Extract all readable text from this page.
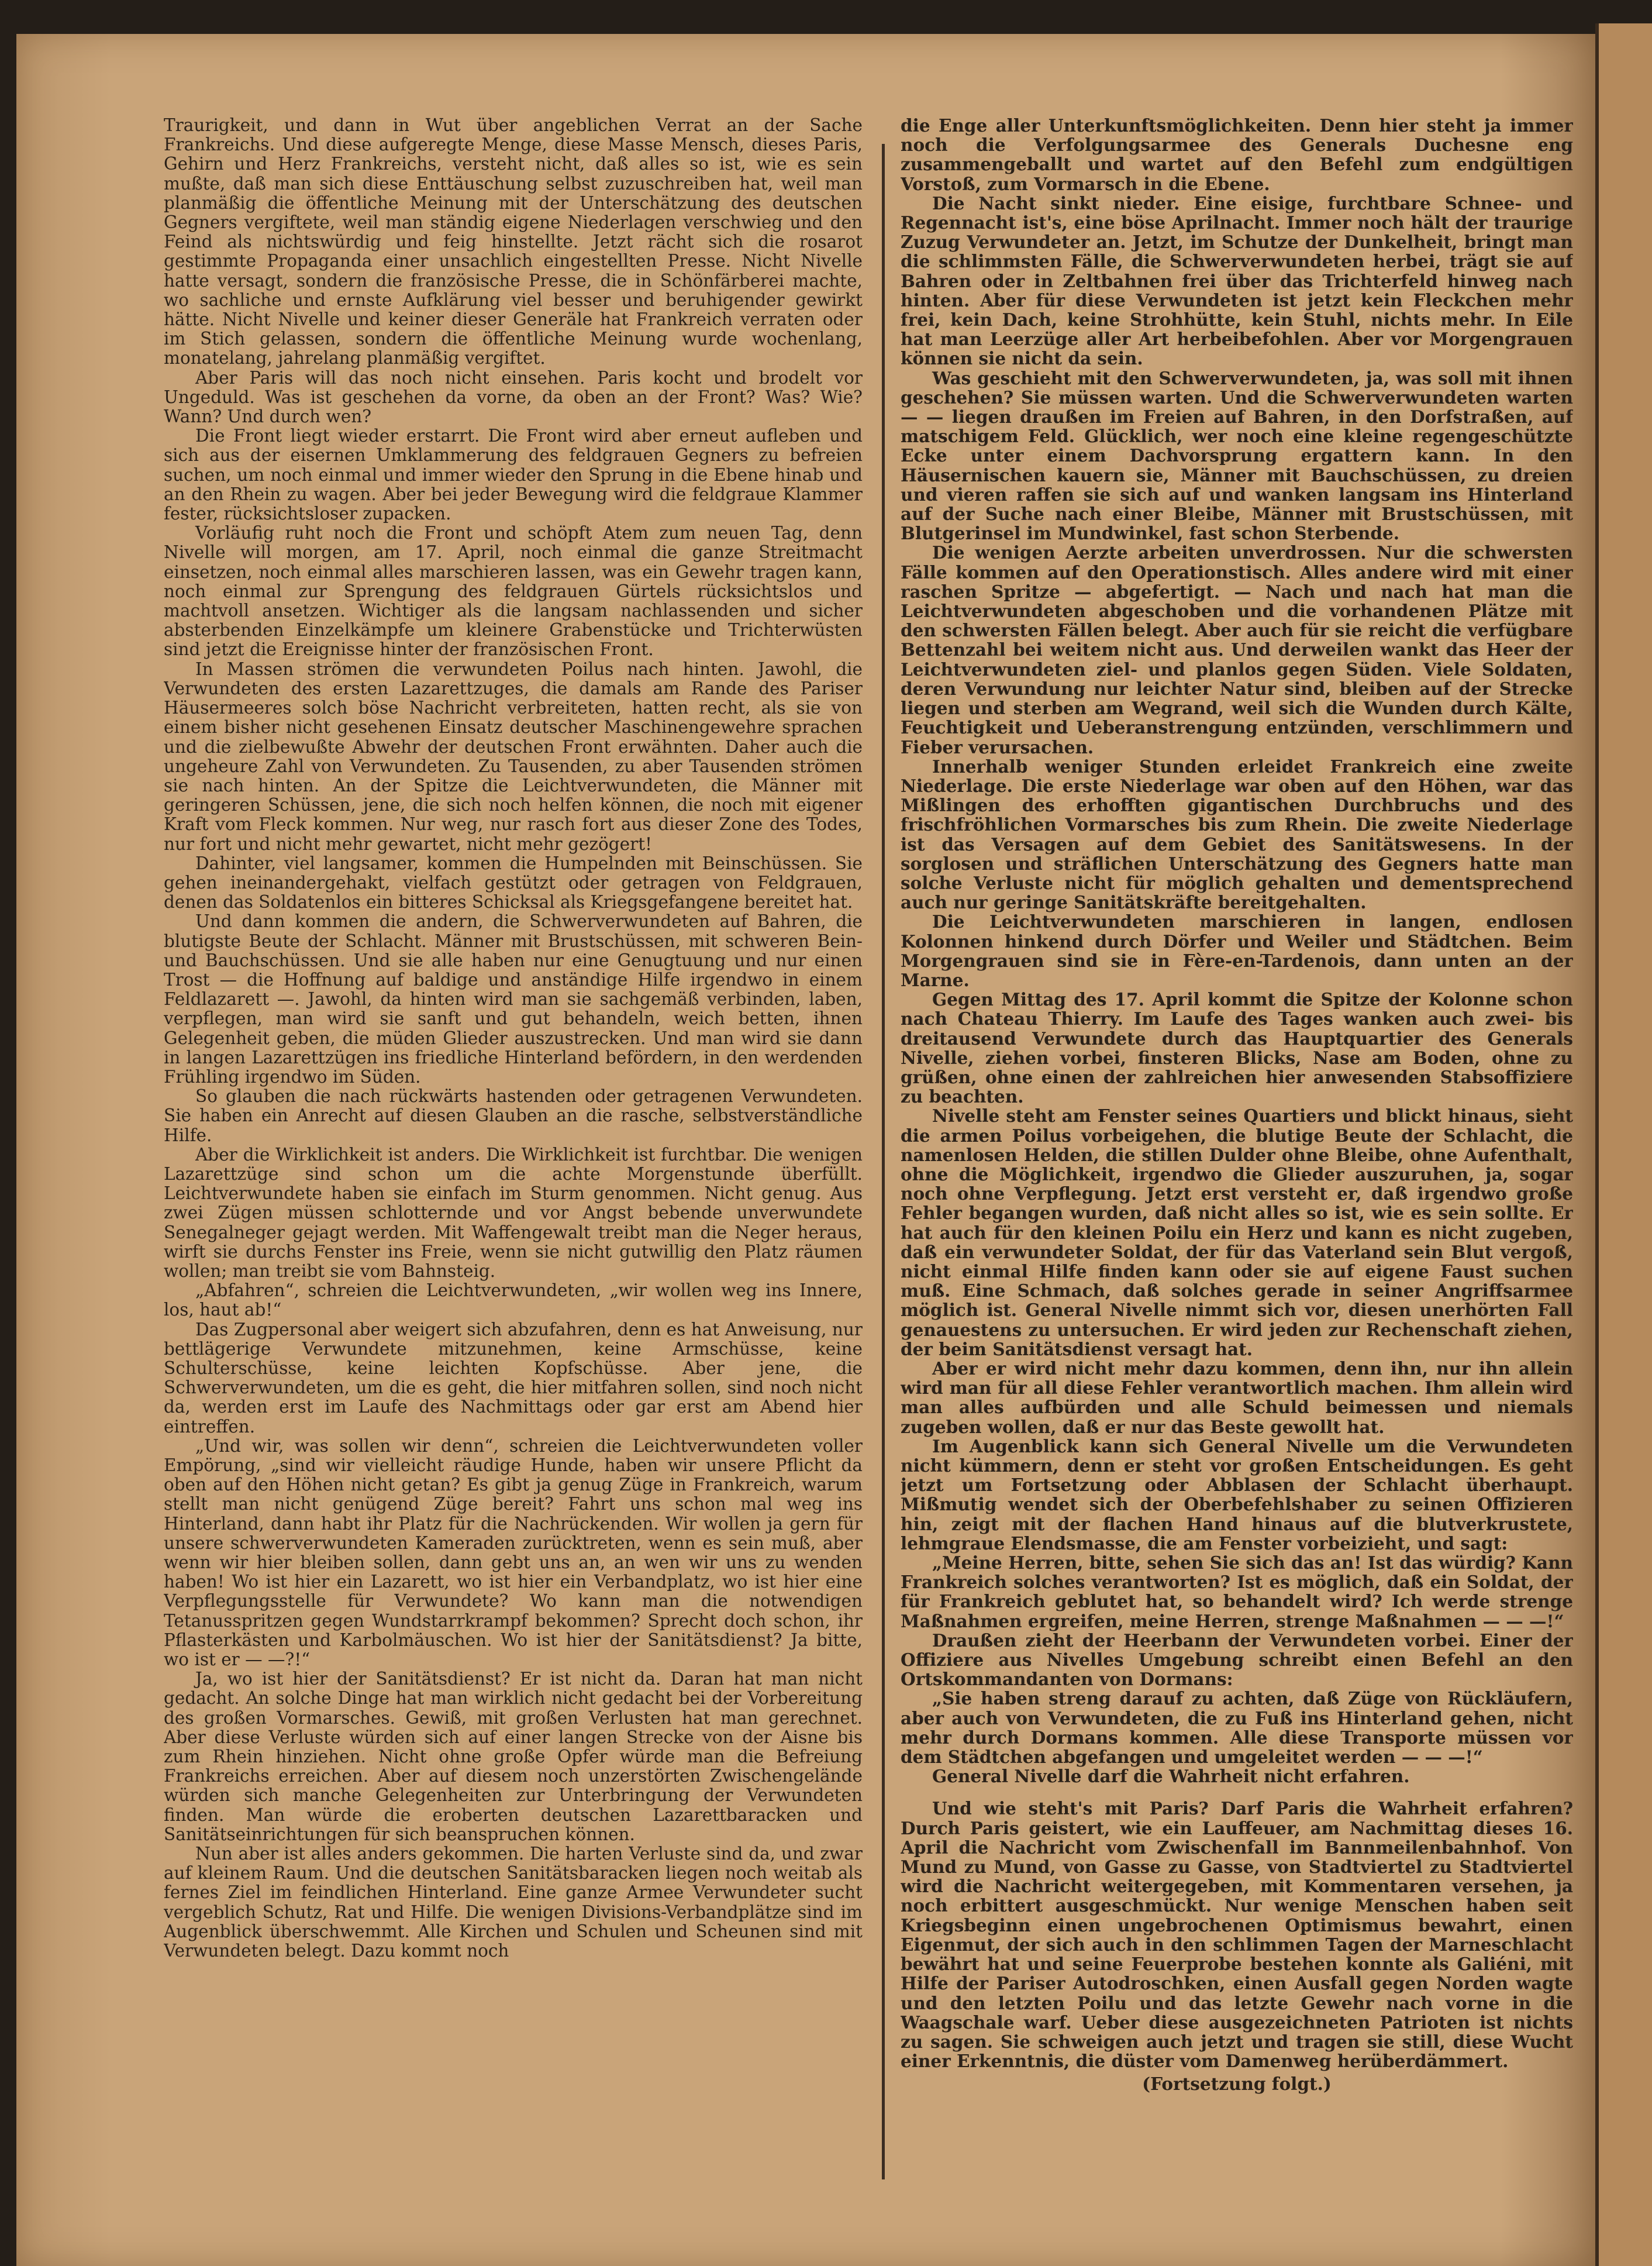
Traurigkeit, und dann in Wut über angeblichen Verrat an der Sache Frankreichs. Und diese aufgeregte Menge, diese Masse Mensch, dieses Paris, Gehirn und Herz Frankreichs, versteht nicht, daß alles so ist, wie es sein mußte, daß man sich diese Enttäuschung selbst zuzuschreiben hat, weil man planmäßig die öffentliche Meinung mit der Unterschätzung des deutschen Gegners vergiftete, weil man ständig eigene Niederlagen verschwieg und den Feind als nichtswürdig und feig hinstellte. Jetzt rächt sich die rosarot gestimmte Propaganda einer unsachlich eingestellten Presse. Nicht Nivelle hatte versagt, sondern die französische Presse, die in Schönfärberei machte, wo sachliche und ernste Aufklärung viel besser und beruhigender gewirkt hätte. Nicht Nivelle und keiner dieser Generäle hat Frankreich verraten oder im Stich gelassen, sondern die öffentliche Meinung wurde wochenlang, monatelang, jahrelang planmäßig vergiftet.

Aber Paris will das noch nicht einsehen. Paris kocht und brodelt vor Ungeduld. Was ist geschehen da vorne, da oben an der Front? Was? Wie? Wann? Und durch wen?

Die Front liegt wieder erstarrt. Die Front wird aber erneut aufleben und sich aus der eisernen Umklammerung des feldgrauen Gegners zu befreien suchen, um noch einmal und immer wieder den Sprung in die Ebene hinab und an den Rhein zu wagen. Aber bei jeder Bewegung wird die feldgraue Klammer fester, rücksichtsloser zupacken.

Vorläufig ruht noch die Front und schöpft Atem zum neuen Tag, denn Nivelle will morgen, am 17. April, noch einmal die ganze Streitmacht einsetzen, noch einmal alles marschieren lassen, was ein Gewehr tragen kann, noch einmal zur Sprengung des feldgrauen Gürtels rücksichtslos und machtvoll ansetzen. Wichtiger als die langsam nachlassenden und sicher absterbenden Einzelkämpfe um kleinere Grabenstücke und Trichterwüsten sind jetzt die Ereignisse hinter der französischen Front.

In Massen strömen die verwundeten Poilus nach hinten. Jawohl, die Verwundeten des ersten Lazarettzuges, die damals am Rande des Pariser Häusermeeres solch böse Nachricht verbreiteten, hatten recht, als sie von einem bisher nicht gesehenen Einsatz deutscher Maschinengewehre sprachen und die zielbewußte Abwehr der deutschen Front erwähnten. Daher auch die ungeheure Zahl von Verwundeten. Zu Tausenden, zu aber Tausenden strömen sie nach hinten. An der Spitze die Leichtverwundeten, die Männer mit geringeren Schüssen, jene, die sich noch helfen können, die noch mit eigener Kraft vom Fleck kommen. Nur weg, nur rasch fort aus dieser Zone des Todes, nur fort und nicht mehr gewartet, nicht mehr gezögert!

Dahinter, viel langsamer, kommen die Humpelnden mit Beinschüssen. Sie gehen ineinandergehakt, vielfach gestützt oder getragen von Feldgrauen, denen das Soldatenlos ein bitteres Schicksal als Kriegsgefangene bereitet hat.

Und dann kommen die andern, die Schwerverwundeten auf Bahren, die blutigste Beute der Schlacht. Männer mit Brustschüssen, mit schweren Bein- und Bauchschüssen. Und sie alle haben nur eine Genugtuung und nur einen Trost — die Hoffnung auf baldige und anständige Hilfe irgendwo in einem Feldlazarett —. Jawohl, da hinten wird man sie sachgemäß verbinden, laben, verpflegen, man wird sie sanft und gut behandeln, weich betten, ihnen Gelegenheit geben, die müden Glieder auszustrecken. Und man wird sie dann in langen Lazarettzügen ins friedliche Hinterland befördern, in den werdenden Frühling irgendwo im Süden.

So glauben die nach rückwärts hastenden oder getragenen Verwundeten. Sie haben ein Anrecht auf diesen Glauben an die rasche, selbstverständliche Hilfe.

Aber die Wirklichkeit ist anders. Die Wirklichkeit ist furchtbar. Die wenigen Lazarettzüge sind schon um die achte Morgenstunde überfüllt. Leichtverwundete haben sie einfach im Sturm genommen. Nicht genug. Aus zwei Zügen müssen schlotternde und vor Angst bebende unverwundete Senegalneger gejagt werden. Mit Waffengewalt treibt man die Neger heraus, wirft sie durchs Fenster ins Freie, wenn sie nicht gutwillig den Platz räumen wollen; man treibt sie vom Bahnsteig.

„Abfahren“, schreien die Leichtverwundeten, „wir wollen weg ins Innere, los, haut ab!“

Das Zugpersonal aber weigert sich abzufahren, denn es hat Anweisung, nur bettlägerige Verwundete mitzunehmen, keine Armschüsse, keine Schulterschüsse, keine leichten Kopfschüsse. Aber jene, die Schwerverwundeten, um die es geht, die hier mitfahren sollen, sind noch nicht da, werden erst im Laufe des Nachmittags oder gar erst am Abend hier eintreffen.

„Und wir, was sollen wir denn“, schreien die Leichtverwundeten voller Empörung, „sind wir vielleicht räudige Hunde, haben wir unsere Pflicht da oben auf den Höhen nicht getan? Es gibt ja genug Züge in Frankreich, warum stellt man nicht genügend Züge bereit? Fahrt uns schon mal weg ins Hinterland, dann habt ihr Platz für die Nachrückenden. Wir wollen ja gern für unsere schwerverwundeten Kameraden zurücktreten, wenn es sein muß, aber wenn wir hier bleiben sollen, dann gebt uns an, an wen wir uns zu wenden haben! Wo ist hier ein Lazarett, wo ist hier ein Verbandplatz, wo ist hier eine Verpflegungsstelle für Verwundete? Wo kann man die notwendigen Tetanusspritzen gegen Wundstarrkrampf bekommen? Sprecht doch schon, ihr Pflasterkästen und Karbolmäuschen. Wo ist hier der Sanitätsdienst? Ja bitte, wo ist er — —?!“

Ja, wo ist hier der Sanitätsdienst? Er ist nicht da. Daran hat man nicht gedacht. An solche Dinge hat man wirklich nicht gedacht bei der Vorbereitung des großen Vormarsches. Gewiß, mit großen Verlusten hat man gerechnet. Aber diese Verluste würden sich auf einer langen Strecke von der Aisne bis zum Rhein hinziehen. Nicht ohne große Opfer würde man die Befreiung Frankreichs erreichen. Aber auf diesem noch unzerstörten Zwischengelände würden sich manche Gelegenheiten zur Unterbringung der Verwundeten finden. Man würde die eroberten deutschen Lazarettbaracken und Sanitätseinrichtungen für sich beanspruchen können.

Nun aber ist alles anders gekommen. Die harten Verluste sind da, und zwar auf kleinem Raum. Und die deutschen Sanitätsbaracken liegen noch weitab als fernes Ziel im feindlichen Hinterland. Eine ganze Armee Verwundeter sucht vergeblich Schutz, Rat und Hilfe. Die wenigen Divisions-Verbandplätze sind im Augenblick überschwemmt. Alle Kirchen und Schulen und Scheunen sind mit Verwundeten belegt. Dazu kommt noch

die Enge aller Unterkunftsmöglichkeiten. Denn hier steht ja immer noch die Verfolgungsarmee des Generals Duchesne eng zusammengeballt und wartet auf den Befehl zum endgültigen Vorstoß, zum Vormarsch in die Ebene.

Die Nacht sinkt nieder. Eine eisige, furchtbare Schnee- und Regennacht ist's, eine böse Aprilnacht. Immer noch hält der traurige Zuzug Verwundeter an. Jetzt, im Schutze der Dunkelheit, bringt man die schlimmsten Fälle, die Schwerverwundeten herbei, trägt sie auf Bahren oder in Zeltbahnen frei über das Trichterfeld hinweg nach hinten. Aber für diese Verwundeten ist jetzt kein Fleckchen mehr frei, kein Dach, keine Strohhütte, kein Stuhl, nichts mehr. In Eile hat man Leerzüge aller Art herbeibefohlen. Aber vor Morgengrauen können sie nicht da sein.

Was geschieht mit den Schwerverwundeten, ja, was soll mit ihnen geschehen? Sie müssen warten. Und die Schwerverwundeten warten — — liegen draußen im Freien auf Bahren, in den Dorfstraßen, auf matschigem Feld. Glücklich, wer noch eine kleine regengeschützte Ecke unter einem Dachvorsprung ergattern kann. In den Häusernischen kauern sie, Männer mit Bauchschüssen, zu dreien und vieren raffen sie sich auf und wanken langsam ins Hinterland auf der Suche nach einer Bleibe, Männer mit Brustschüssen, mit Blutgerinsel im Mundwinkel, fast schon Sterbende.

Die wenigen Aerzte arbeiten unverdrossen. Nur die schwersten Fälle kommen auf den Operationstisch. Alles andere wird mit einer raschen Spritze — abgefertigt. — Nach und nach hat man die Leichtverwundeten abgeschoben und die vorhandenen Plätze mit den schwersten Fällen belegt. Aber auch für sie reicht die verfügbare Bettenzahl bei weitem nicht aus. Und derweilen wankt das Heer der Leichtverwundeten ziel- und planlos gegen Süden. Viele Soldaten, deren Verwundung nur leichter Natur sind, bleiben auf der Strecke liegen und sterben am Wegrand, weil sich die Wunden durch Kälte, Feuchtigkeit und Ueberanstrengung entzünden, verschlimmern und Fieber verursachen.

Innerhalb weniger Stunden erleidet Frankreich eine zweite Niederlage. Die erste Niederlage war oben auf den Höhen, war das Mißlingen des erhofften gigantischen Durchbruchs und des frischfröhlichen Vormarsches bis zum Rhein. Die zweite Niederlage ist das Versagen auf dem Gebiet des Sanitätswesens. In der sorglosen und sträflichen Unterschätzung des Gegners hatte man solche Verluste nicht für möglich gehalten und dementsprechend auch nur geringe Sanitätskräfte bereitgehalten.

Die Leichtverwundeten marschieren in langen, endlosen Kolonnen hinkend durch Dörfer und Weiler und Städtchen. Beim Morgengrauen sind sie in Fère-en-Tardenois, dann unten an der Marne.

Gegen Mittag des 17. April kommt die Spitze der Kolonne schon nach Chateau Thierry. Im Laufe des Tages wanken auch zwei- bis dreitausend Verwundete durch das Hauptquartier des Generals Nivelle, ziehen vorbei, finsteren Blicks, Nase am Boden, ohne zu grüßen, ohne einen der zahlreichen hier anwesenden Stabsoffiziere zu beachten.

Nivelle steht am Fenster seines Quartiers und blickt hinaus, sieht die armen Poilus vorbeigehen, die blutige Beute der Schlacht, die namenlosen Helden, die stillen Dulder ohne Bleibe, ohne Aufenthalt, ohne die Möglichkeit, irgendwo die Glieder auszuruhen, ja, sogar noch ohne Verpflegung. Jetzt erst versteht er, daß irgendwo große Fehler begangen wurden, daß nicht alles so ist, wie es sein sollte. Er hat auch für den kleinen Poilu ein Herz und kann es nicht zugeben, daß ein verwundeter Soldat, der für das Vaterland sein Blut vergoß, nicht einmal Hilfe finden kann oder sie auf eigene Faust suchen muß. Eine Schmach, daß solches gerade in seiner Angriffsarmee möglich ist. General Nivelle nimmt sich vor, diesen unerhörten Fall genauestens zu untersuchen. Er wird jeden zur Rechenschaft ziehen, der beim Sanitätsdienst versagt hat.

Aber er wird nicht mehr dazu kommen, denn ihn, nur ihn allein wird man für all diese Fehler verantwortlich machen. Ihm allein wird man alles aufbürden und alle Schuld beimessen und niemals zugeben wollen, daß er nur das Beste gewollt hat.

Im Augenblick kann sich General Nivelle um die Verwundeten nicht kümmern, denn er steht vor großen Entscheidungen. Es geht jetzt um Fortsetzung oder Abblasen der Schlacht überhaupt. Mißmutig wendet sich der Oberbefehlshaber zu seinen Offizieren hin, zeigt mit der flachen Hand hinaus auf die blutverkrustete, lehmgraue Elendsmasse, die am Fenster vorbeizieht, und sagt:

„Meine Herren, bitte, sehen Sie sich das an! Ist das würdig? Kann Frankreich solches verantworten? Ist es möglich, daß ein Soldat, der für Frankreich geblutet hat, so behandelt wird? Ich werde strenge Maßnahmen ergreifen, meine Herren, strenge Maßnahmen — — —!“

Draußen zieht der Heerbann der Verwundeten vorbei. Einer der Offiziere aus Nivelles Umgebung schreibt einen Befehl an den Ortskommandanten von Dormans:

„Sie haben streng darauf zu achten, daß Züge von Rückläufern, aber auch von Verwundeten, die zu Fuß ins Hinterland gehen, nicht mehr durch Dormans kommen. Alle diese Transporte müssen vor dem Städtchen abgefangen und umgeleitet werden — — —!“

General Nivelle darf die Wahrheit nicht erfahren.

Und wie steht's mit Paris? Darf Paris die Wahrheit erfahren? Durch Paris geistert, wie ein Lauffeuer, am Nachmittag dieses 16. April die Nachricht vom Zwischenfall im Bannmeilenbahnhof. Von Mund zu Mund, von Gasse zu Gasse, von Stadtviertel zu Stadtviertel wird die Nachricht weitergegeben, mit Kommentaren versehen, ja noch erbittert ausgeschmückt. Nur wenige Menschen haben seit Kriegsbeginn einen ungebrochenen Optimismus bewahrt, einen Eigenmut, der sich auch in den schlimmen Tagen der Marneschlacht bewährt hat und seine Feuerprobe bestehen konnte als Galiéni, mit Hilfe der Pariser Autodroschken, einen Ausfall gegen Norden wagte und den letzten Poilu und das letzte Gewehr nach vorne in die Waagschale warf. Ueber diese ausgezeichneten Patrioten ist nichts zu sagen. Sie schweigen auch jetzt und tragen sie still, diese Wucht einer Erkenntnis, die düster vom Damenweg herüberdämmert.

(Fortsetzung folgt.)
